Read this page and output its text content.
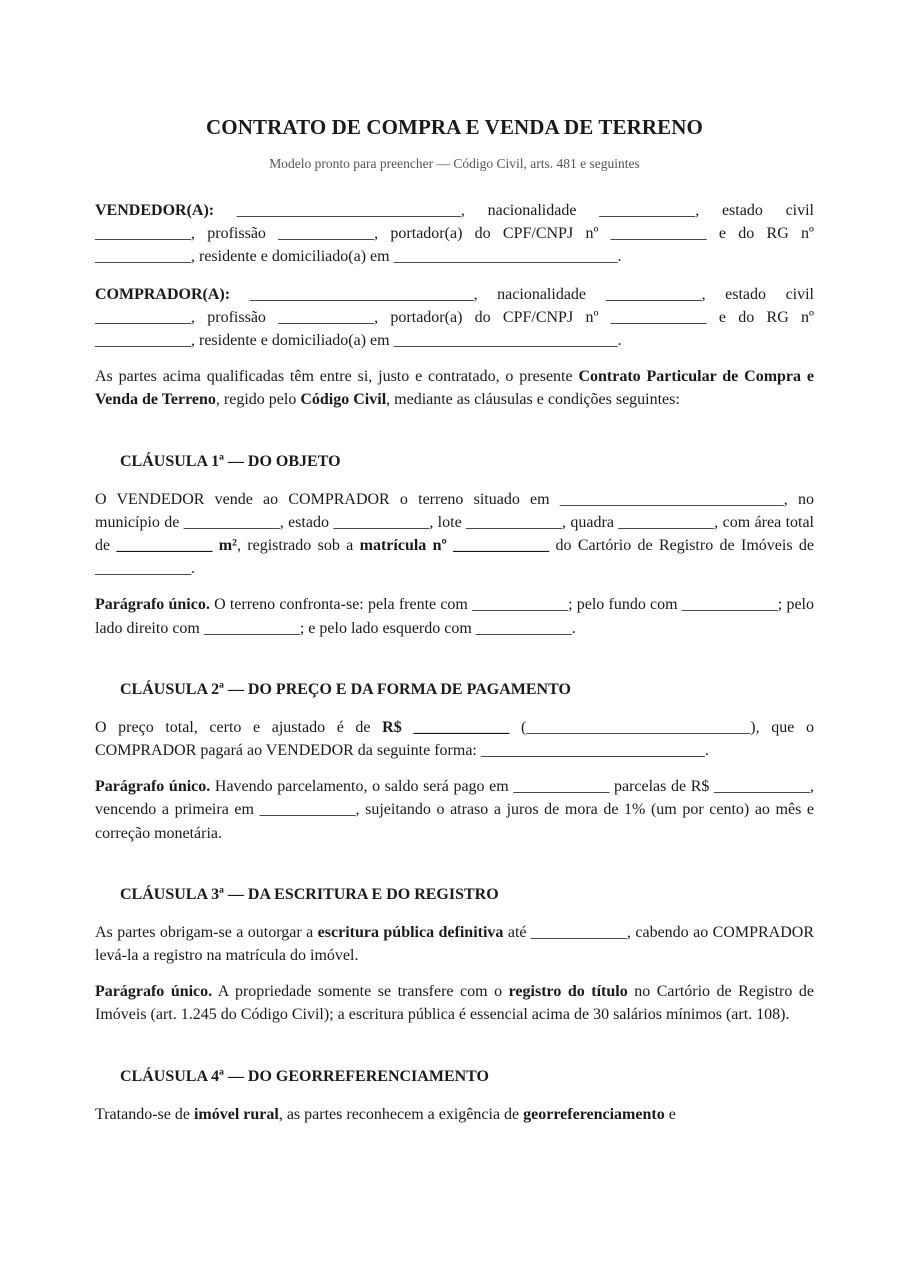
CONTRATO DE COMPRA E VENDA DE TERRENO
Modelo pronto para preencher — Código Civil, arts. 481 e seguintes

VENDEDOR(A): ____________________________, nacionalidade ____________, estado civil ____________, profissão ____________, portador(a) do CPF/CNPJ nº ____________ e do RG nº ____________, residente e domiciliado(a) em ____________________________.

COMPRADOR(A): ____________________________, nacionalidade ____________, estado civil ____________, profissão ____________, portador(a) do CPF/CNPJ nº ____________ e do RG nº ____________, residente e domiciliado(a) em ____________________________.

As partes acima qualificadas têm entre si, justo e contratado, o presente Contrato Particular de Compra e Venda de Terreno, regido pelo Código Civil, mediante as cláusulas e condições seguintes:

CLÁUSULA 1ª — DO OBJETO

O VENDEDOR vende ao COMPRADOR o terreno situado em ____________________________, no município de ____________, estado ____________, lote ____________, quadra ____________, com área total de ____________ m², registrado sob a matrícula nº ____________ do Cartório de Registro de Imóveis de ____________.

Parágrafo único. O terreno confronta-se: pela frente com ____________; pelo fundo com ____________; pelo lado direito com ____________; e pelo lado esquerdo com ____________.

CLÁUSULA 2ª — DO PREÇO E DA FORMA DE PAGAMENTO

O preço total, certo e ajustado é de R$ ____________ (____________________________), que o COMPRADOR pagará ao VENDEDOR da seguinte forma: ____________________________.

Parágrafo único. Havendo parcelamento, o saldo será pago em ____________ parcelas de R$ ____________, vencendo a primeira em ____________, sujeitando o atraso a juros de mora de 1% (um por cento) ao mês e correção monetária.

CLÁUSULA 3ª — DA ESCRITURA E DO REGISTRO

As partes obrigam-se a outorgar a escritura pública definitiva até ____________, cabendo ao COMPRADOR levá-la a registro na matrícula do imóvel.

Parágrafo único. A propriedade somente se transfere com o registro do título no Cartório de Registro de Imóveis (art. 1.245 do Código Civil); a escritura pública é essencial acima de 30 salários mínimos (art. 108).

CLÁUSULA 4ª — DO GEORREFERENCIAMENTO

Tratando-se de imóvel rural, as partes reconhecem a exigência de georreferenciamento e
